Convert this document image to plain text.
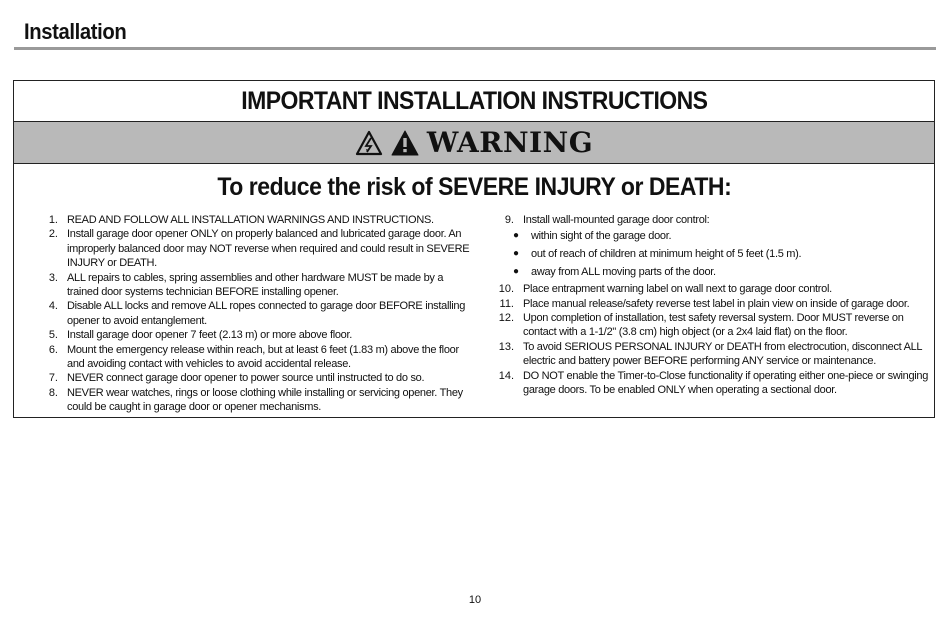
Installation
IMPORTANT INSTALLATION INSTRUCTIONS
WARNING
To reduce the risk of SEVERE INJURY or DEATH:
1. READ AND FOLLOW ALL INSTALLATION WARNINGS AND INSTRUCTIONS.
2. Install garage door opener ONLY on properly balanced and lubricated garage door. An improperly balanced door may NOT reverse when required and could result in SEVERE INJURY or DEATH.
3. ALL repairs to cables, spring assemblies and other hardware MUST be made by a trained door systems technician BEFORE installing opener.
4. Disable ALL locks and remove ALL ropes connected to garage door BEFORE installing opener to avoid entanglement.
5. Install garage door opener 7 feet (2.13 m) or more above floor.
6. Mount the emergency release within reach, but at least 6 feet (1.83 m) above the floor and avoiding contact with vehicles to avoid accidental release.
7. NEVER connect garage door opener to power source until instructed to do so.
8. NEVER wear watches, rings or loose clothing while installing or servicing opener. They could be caught in garage door or opener mechanisms.
9. Install wall-mounted garage door control:
●	within sight of the garage door.
●	out of reach of children at minimum height of 5 feet (1.5 m).
●	away from ALL moving parts of the door.
10. Place entrapment warning label on wall next to garage door control.
11. Place manual release/safety reverse test label in plain view on inside of garage door.
12. Upon completion of installation, test safety reversal system. Door MUST reverse on contact with a 1-1/2" (3.8 cm) high object (or a 2x4 laid flat) on the floor.
13. To avoid SERIOUS PERSONAL INJURY or DEATH from electrocution, disconnect ALL electric and battery power BEFORE performing ANY service or maintenance.
14. DO NOT enable the Timer-to-Close functionality if operating either one-piece or swinging garage doors. To be enabled ONLY when operating a sectional door.
10
